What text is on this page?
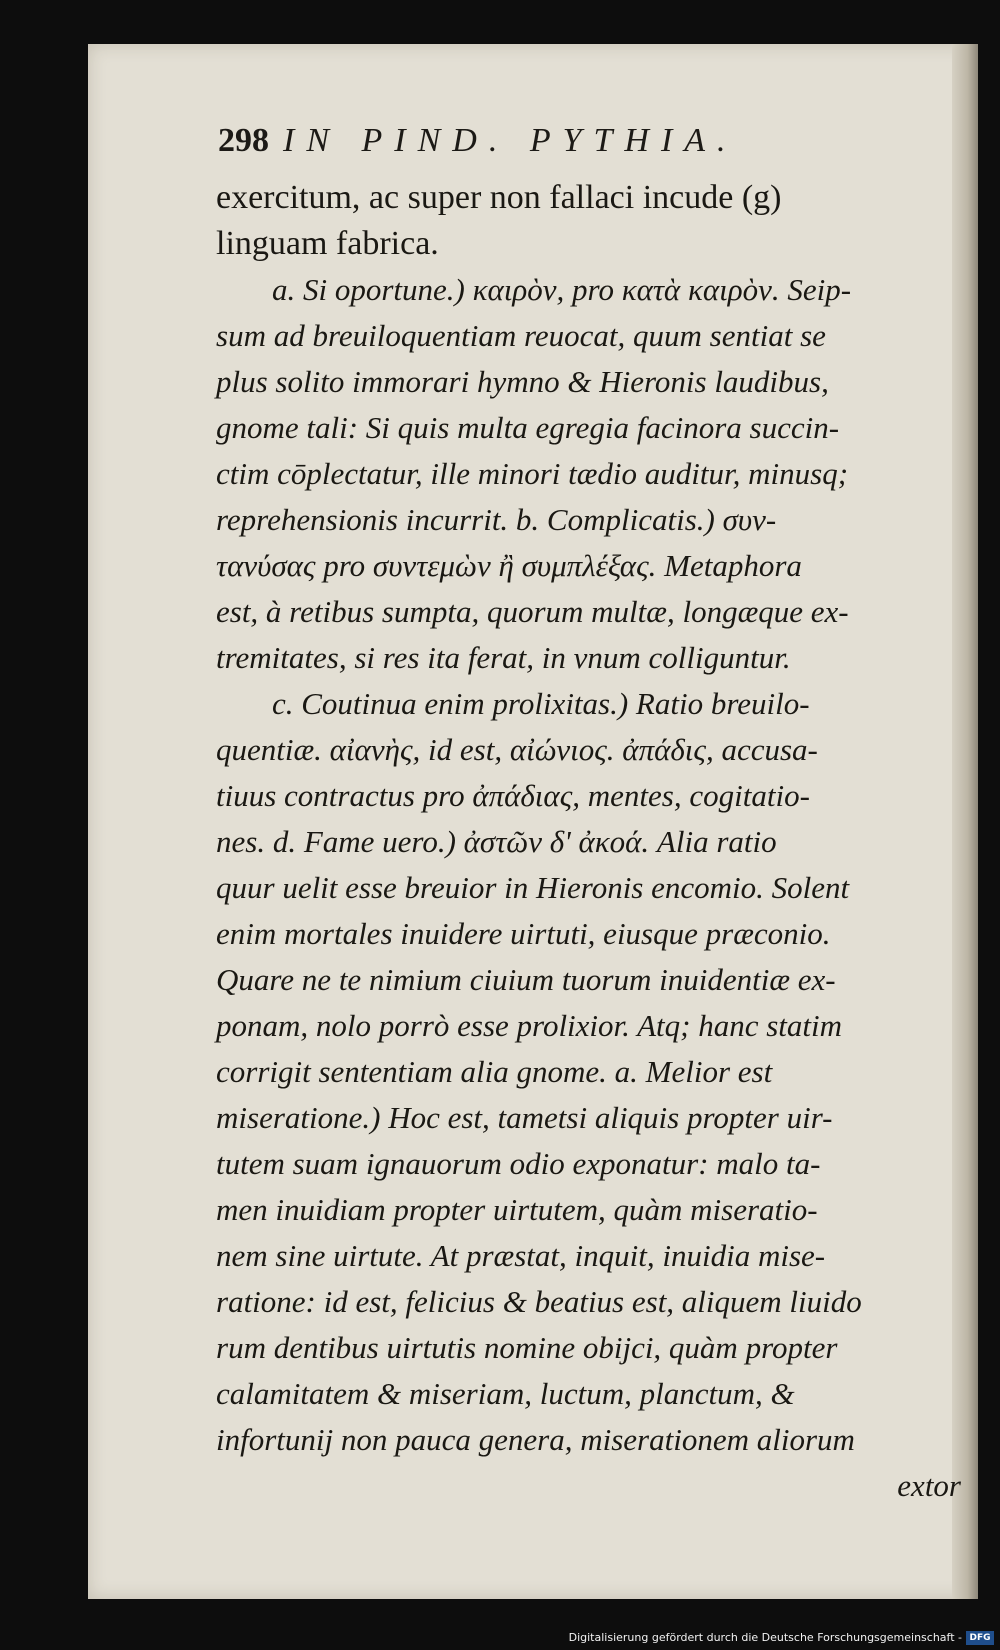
298 IN PIND. PYTHIA.
exercitum, ac super non fallaci incude (g)
linguam fabrica.
a. Si oportune.) καιρὸν, pro κατὰ καιρὸν. Seip-
sum ad breuiloquentiam reuocat, quum sentiat se
plus solito immorari hymno & Hieronis laudibus,
gnome tali: Si quis multa egregia facinora succin-
ctim cōplectatur, ille minori tædio auditur, minusq;
reprehensionis incurrit. b. Complicatis.) συν-
τανύσας pro συντεμὼν ἢ συμπλέξας. Metaphora
est, à retibus sumpta, quorum multæ, longæque ex-
tremitates, si res ita ferat, in vnum colliguntur.
c. Coutinua enim prolixitas.) Ratio breuilo-
quentiæ. αἰανὴς, id est, αἰώνιος. ἀπάδις, accusa-
tiuus contractus pro ἀπάδιας, mentes, cogitatio-
nes. d. Fame uero.) ἀστῶν δ' ἀκοά. Alia ratio
quur uelit esse breuior in Hieronis encomio. Solent
enim mortales inuidere uirtuti, eiusque præconio.
Quare ne te nimium ciuium tuorum inuidentiæ ex-
ponam, nolo porrò esse prolixior. Atq; hanc statim
corrigit sententiam alia gnome. a. Melior est
miseratione.) Hoc est, tametsi aliquis propter uir-
tutem suam ignauorum odio exponatur: malo ta-
men inuidiam propter uirtutem, quàm miseratio-
nem sine uirtute. At præstat, inquit, inuidia mise-
ratione: id est, felicius & beatius est, aliquem liuido
rum dentibus uirtutis nomine obijci, quàm propter
calamitatem & miseriam, luctum, planctum, &
infortunij non pauca genera, miserationem aliorum
extor
Digitalisierung gefördert durch die Deutsche Forschungsgemeinschaft - DFG
